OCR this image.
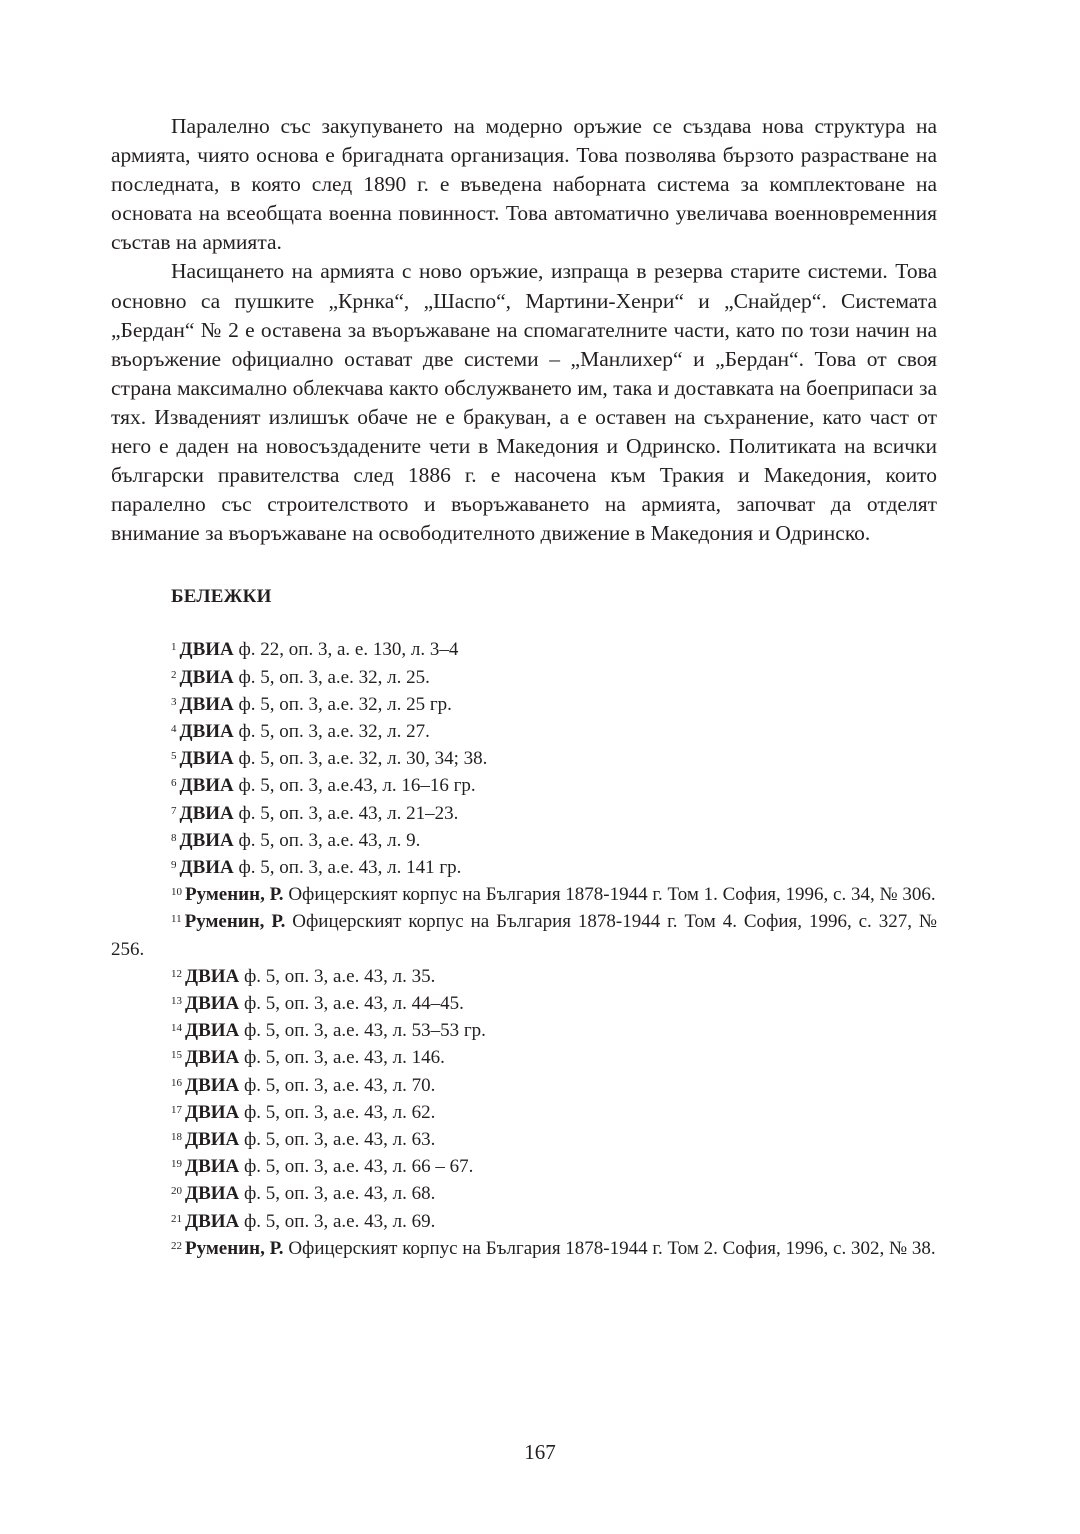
Паралелно със закупуването на модерно оръжие се създава нова структура на армията, чиято основа е бригадната организация. Това позволява бързото разрастване на последната, в която след 1890 г. е въведена наборната система за комплектоване на основата на всеобщата военна повинност. Това автоматично увеличава военновременния състав на армията.

Насищането на армията с ново оръжие, изпраща в резерва старите системи. Това основно са пушките „Крнка“, „Шаспо“, Мартини-Хенри“ и „Снайдер“. Системата „Бердан“ № 2 е оставена за въоръжаване на спомагателните части, като по този начин на въоръжение официално остават две системи – „Манлихер“ и „Бердан“. Това от своя страна максимално облекчава както обслужването им, така и доставката на боеприпаси за тях. Изваденият излишък обаче не е бракуван, а е оставен на съхранение, като част от него е даден на новосъздадените чети в Македония и Одринско. Политиката на всички български правителства след 1886 г. е насочена към Тракия и Македония, които паралелно със строителството и въоръжаването на армията, започват да отделят внимание за въоръжаване на освободителното движение в Македония и Одринско.

БЕЛЕЖКИ

$^1$ ДВИА ф. 22, оп. 3, а. е. 130, л. 3–4

$^2$ ДВИА ф. 5, оп. 3, а.е. 32, л. 25.

$^3$ ДВИА ф. 5, оп. 3, а.е. 32, л. 25 гр.

$^4$ ДВИА ф. 5, оп. 3, а.е. 32, л. 27.

$^5$ ДВИА ф. 5, оп. 3, а.е. 32, л. 30, 34; 38.

$^6$ ДВИА ф. 5, оп. 3, а.е.43, л. 16–16 гр.

$^7$ ДВИА ф. 5, оп. 3, а.е. 43, л. 21–23.

$^8$ ДВИА ф. 5, оп. 3, а.е. 43, л. 9.

$^9$ ДВИА ф. 5, оп. 3, а.е. 43, л. 141 гр.

$^{10}$ Руменин, Р. Офицерският корпус на България 1878-1944 г. Том 1. София, 1996, с. 34, № 306.

$^{11}$ Руменин, Р. Офицерският корпус на България 1878-1944 г. Том 4. София, 1996, с. 327, № 256.

$^{12}$ ДВИА ф. 5, оп. 3, а.е. 43, л. 35.

$^{13}$ ДВИА ф. 5, оп. 3, а.е. 43, л. 44–45.

$^{14}$ ДВИА ф. 5, оп. 3, а.е. 43, л. 53–53 гр.

$^{15}$ ДВИА ф. 5, оп. 3, а.е. 43, л. 146.

$^{16}$ ДВИА ф. 5, оп. 3, а.е. 43, л. 70.

$^{17}$ ДВИА ф. 5, оп. 3, а.е. 43, л. 62.

$^{18}$ ДВИА ф. 5, оп. 3, а.е. 43, л. 63.

$^{19}$ ДВИА ф. 5, оп. 3, а.е. 43, л. 66 – 67.

$^{20}$ ДВИА ф. 5, оп. 3, а.е. 43, л. 68.

$^{21}$ ДВИА ф. 5, оп. 3, а.е. 43, л. 69.

$^{22}$ Руменин, Р. Офицерският корпус на България 1878-1944 г. Том 2. София, 1996, с. 302, № 38.

167
